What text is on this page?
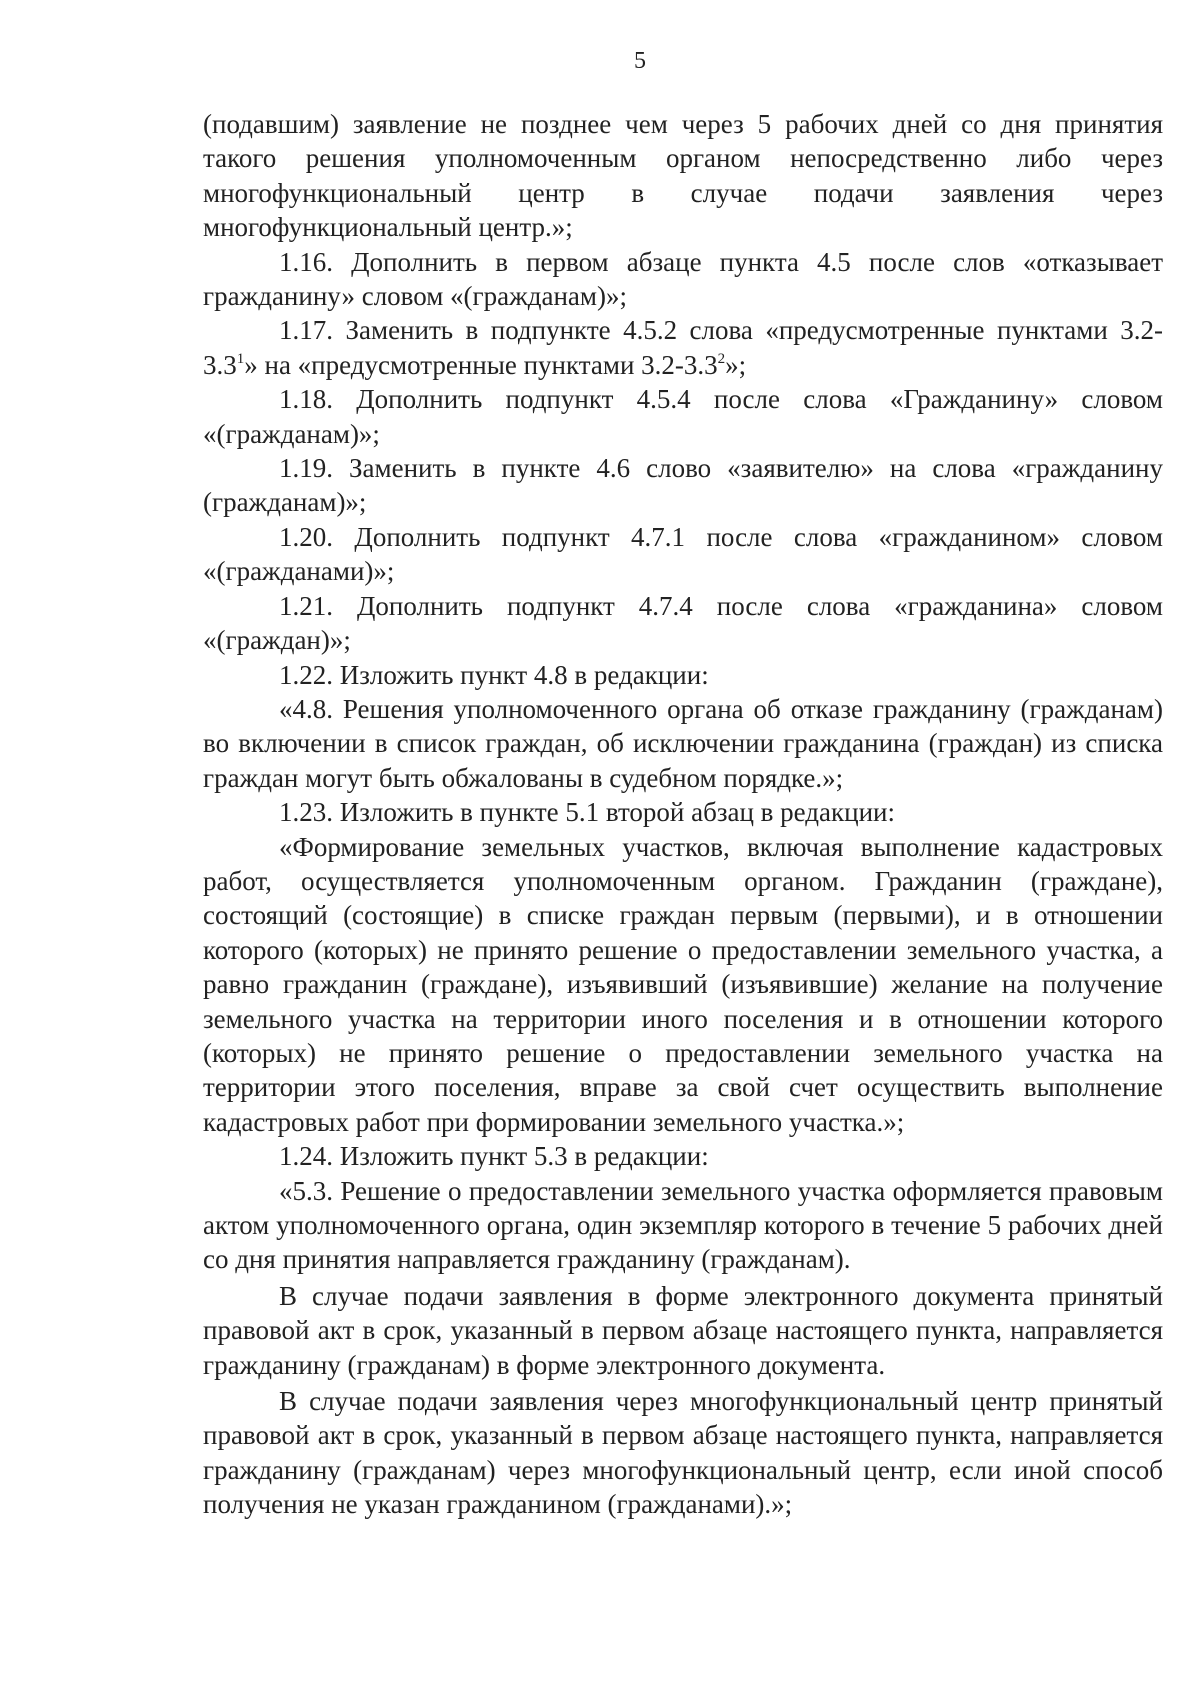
5

(подавшим) заявление не позднее чем через 5 рабочих дней со дня принятия такого решения уполномоченным органом непосредственно либо через многофункциональный центр в случае подачи заявления через многофункциональный центр.»;

1.16. Дополнить в первом абзаце пункта 4.5 после слов «отказывает гражданину» словом «(гражданам)»;

1.17. Заменить в подпункте 4.5.2 слова «предусмотренные пунктами $3.2-3.3^1$» на «предусмотренные пунктами $3.2-3.3^2$»;

1.18. Дополнить подпункт 4.5.4 после слова «Гражданину» словом «(гражданам)»;

1.19. Заменить в пункте 4.6 слово «заявителю» на слова «гражданину (гражданам)»;

1.20. Дополнить подпункт 4.7.1 после слова «гражданином» словом «(гражданами)»;

1.21. Дополнить подпункт 4.7.4 после слова «гражданина» словом «(граждан)»;

1.22. Изложить пункт 4.8 в редакции:

«4.8. Решения уполномоченного органа об отказе гражданину (гражданам) во включении в список граждан, об исключении гражданина (граждан) из списка граждан могут быть обжалованы в судебном порядке.»;

1.23. Изложить в пункте 5.1 второй абзац в редакции:

«Формирование земельных участков, включая выполнение кадастровых работ, осуществляется уполномоченным органом. Гражданин (граждане), состоящий (состоящие) в списке граждан первым (первыми), и в отношении которого (которых) не принято решение о предоставлении земельного участка, а равно гражданин (граждане), изъявивший (изъявившие) желание на получение земельного участка на территории иного поселения и в отношении которого (которых) не принято решение о предоставлении земельного участка на территории этого поселения, вправе за свой счет осуществить выполнение кадастровых работ при формировании земельного участка.»;

1.24. Изложить пункт 5.3 в редакции:

«5.3. Решение о предоставлении земельного участка оформляется правовым актом уполномоченного органа, один экземпляр которого в течение 5 рабочих дней со дня принятия направляется гражданину (гражданам).

В случае подачи заявления в форме электронного документа принятый правовой акт в срок, указанный в первом абзаце настоящего пункта, направляется гражданину (гражданам) в форме электронного документа.

В случае подачи заявления через многофункциональный центр принятый правовой акт в срок, указанный в первом абзаце настоящего пункта, направляется гражданину (гражданам) через многофункциональный центр, если иной способ получения не указан гражданином (гражданами).»;
